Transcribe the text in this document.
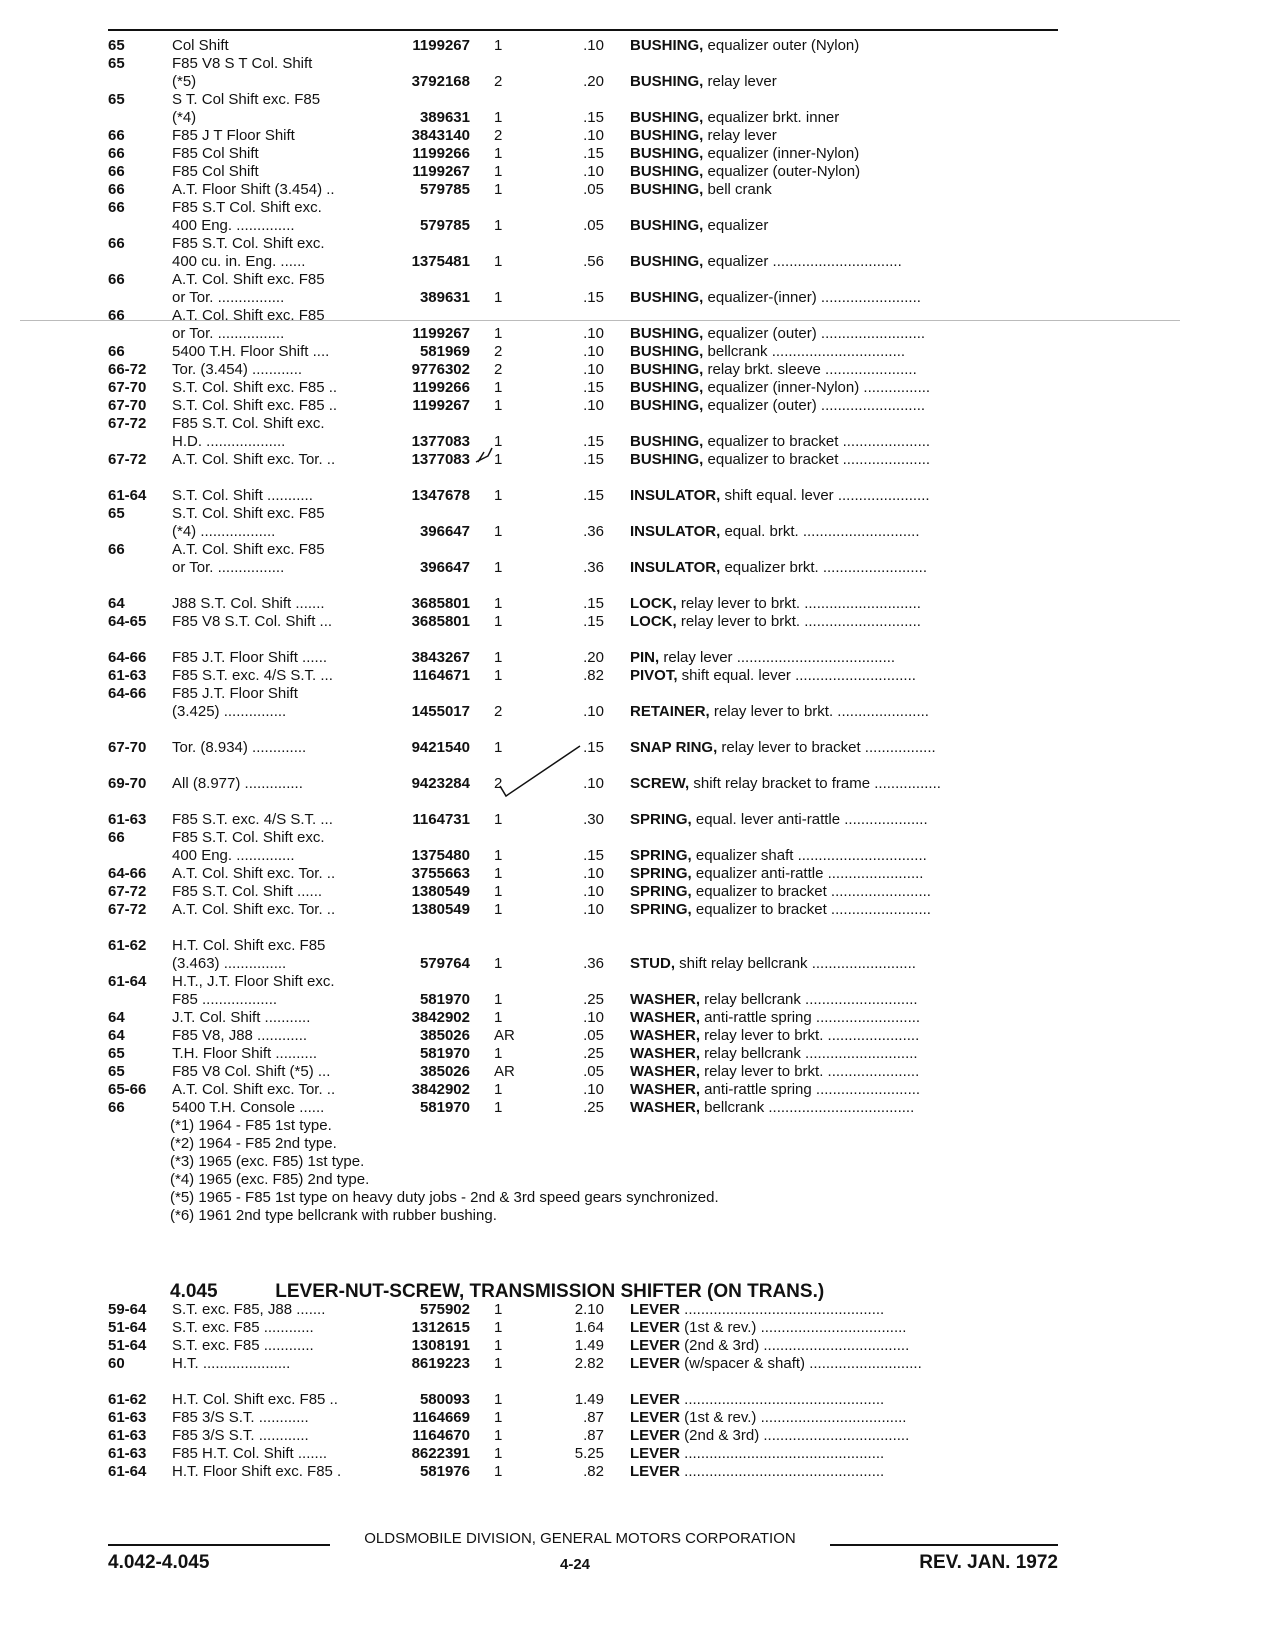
65	Col Shift	1199267 1	.10 BUSHING, equalizer outer (Nylon)
65	F85 V8 S T Col. Shift
(*5)	3792168 2	.20 BUSHING, relay lever
65	S T. Col Shift exc. F85
(*4)	389631 1	.15 BUSHING, equalizer brkt. inner
66	F85 J T Floor Shift	3843140 2	.10 BUSHING, relay lever
66	F85 Col Shift	1199266 1	.15 BUSHING, equalizer (inner-Nylon)
66	F85 Col Shift	1199267 1	.10 BUSHING, equalizer (outer-Nylon)
66	A.T. Floor Shift (3.454) ..	579785 1	.05 BUSHING, bell crank
66	F85 S.T Col. Shift exc.
400 Eng. ..............	579785 1	.05 BUSHING, equalizer
66	F85 S.T. Col. Shift exc.
400 cu. in. Eng. ......	1375481 1	.56 BUSHING, equalizer ...............................
66	A.T. Col. Shift exc. F85
or Tor. ................	389631 1	.15 BUSHING, equalizer-(inner) ........................
66	A.T. Col. Shift exc. F85
or Tor. ................	1199267 1	.10 BUSHING, equalizer (outer) .........................
66	5400 T.H. Floor Shift ....	581969 2	.10 BUSHING, bellcrank ................................
66-72 Tor. (3.454) ............	9776302 2	.10 BUSHING, relay brkt. sleeve ......................
67-70 S.T. Col. Shift exc. F85 ..	1199266 1	.15 BUSHING, equalizer (inner-Nylon) ................
67-70 S.T. Col. Shift exc. F85 ..	1199267 1	.10 BUSHING, equalizer (outer) .........................
67-72 F85 S.T. Col. Shift exc.
H.D. ...................	1377083 1	.15 BUSHING, equalizer to bracket .....................
67-72 A.T. Col. Shift exc. Tor. ..	1377083 1	.15 BUSHING, equalizer to bracket .....................
61-64 S.T. Col. Shift ...........	1347678 1	.15 INSULATOR, shift equal. lever ......................
65	S.T. Col. Shift exc. F85
(*4) ..................	396647 1	.36 INSULATOR, equal. brkt. ............................
66	A.T. Col. Shift exc. F85
or Tor. ................	396647 1	.36 INSULATOR, equalizer brkt. .........................
64	J88 S.T. Col. Shift .......	3685801 1	.15 LOCK, relay lever to brkt. ............................
64-65 F85 V8 S.T. Col. Shift ...	3685801 1	.15 LOCK, relay lever to brkt. ............................
64-66 F85 J.T. Floor Shift ......	3843267 1	.20 PIN, relay lever ......................................
61-63 F85 S.T. exc. 4/S S.T. ...	1164671 1	.82 PIVOT, shift equal. lever .............................
64-66 F85 J.T. Floor Shift
(3.425) ...............	1455017 2	.10 RETAINER, relay lever to brkt. ......................
67-70 Tor. (8.934) .............	9421540 1	.15 SNAP RING, relay lever to bracket .................
69-70 All (8.977) ..............	9423284 2	.10 SCREW, shift relay bracket to frame ................
61-63 F85 S.T. exc. 4/S S.T. ...	1164731 1	.30 SPRING, equal. lever anti-rattle ....................
66	F85 S.T. Col. Shift exc.
400 Eng. ..............	1375480 1	.15 SPRING, equalizer shaft ...............................
64-66 A.T. Col. Shift exc. Tor. ..	3755663 1	.10 SPRING, equalizer anti-rattle .......................
67-72 F85 S.T. Col. Shift ......	1380549 1	.10 SPRING, equalizer to bracket ........................
67-72 A.T. Col. Shift exc. Tor. ..	1380549 1	.10 SPRING, equalizer to bracket ........................
61-62 H.T. Col. Shift exc. F85
(3.463) ...............	579764 1	.36 STUD, shift relay bellcrank .........................
61-64 H.T., J.T. Floor Shift exc.
F85 ..................	581970 1	.25 WASHER, relay bellcrank ...........................
64	J.T. Col. Shift ...........	3842902 1	.10 WASHER, anti-rattle spring .........................
64	F85 V8, J88 ............	385026 AR	.05 WASHER, relay lever to brkt. ......................
65	T.H. Floor Shift ..........	581970 1	.25 WASHER, relay bellcrank ...........................
65	F85 V8 Col. Shift (*5) ...	385026 AR	.05 WASHER, relay lever to brkt. ......................
65-66 A.T. Col. Shift exc. Tor. ..	3842902 1	.10 WASHER, anti-rattle spring .........................
66	5400 T.H. Console ......	581970 1	.25 WASHER, bellcrank ...................................
59-64 S.T. exc. F85, J88 .......	575902 1	2.10 LEVER ................................................
51-64 S.T. exc. F85 ............	1312615 1	1.64 LEVER (1st & rev.) ...................................
51-64 S.T. exc. F85 ............	1308191 1	1.49 LEVER (2nd & 3rd) ...................................
60	H.T. .....................	8619223 1	2.82 LEVER (w/spacer & shaft) ...........................
61-62 H.T. Col. Shift exc. F85 ..	580093 1	1.49 LEVER ................................................
61-63 F85 3/S S.T. ............	1164669 1	.87 LEVER (1st & rev.) ...................................
61-63 F85 3/S S.T. ............	1164670 1	.87 LEVER (2nd & 3rd) ...................................
61-63 F85 H.T. Col. Shift .......	8622391 1	5.25 LEVER ................................................
61-64 H.T. Floor Shift exc. F85 .	581976 1	.82 LEVER ................................................
(*1) 1964 - F85 1st type.
(*2) 1964 - F85 2nd type.
(*3) 1965 (exc. F85) 1st type.
(*4) 1965 (exc. F85) 2nd type.
(*5) 1965 - F85 1st type on heavy duty jobs - 2nd & 3rd speed gears synchronized.
(*6) 1961 2nd type bellcrank with rubber bushing.
4.045	LEVER-NUT-SCREW, TRANSMISSION SHIFTER (ON TRANS.)
OLDSMOBILE DIVISION, GENERAL MOTORS CORPORATION
4.042-4.045	4-24	REV. JAN. 1972
